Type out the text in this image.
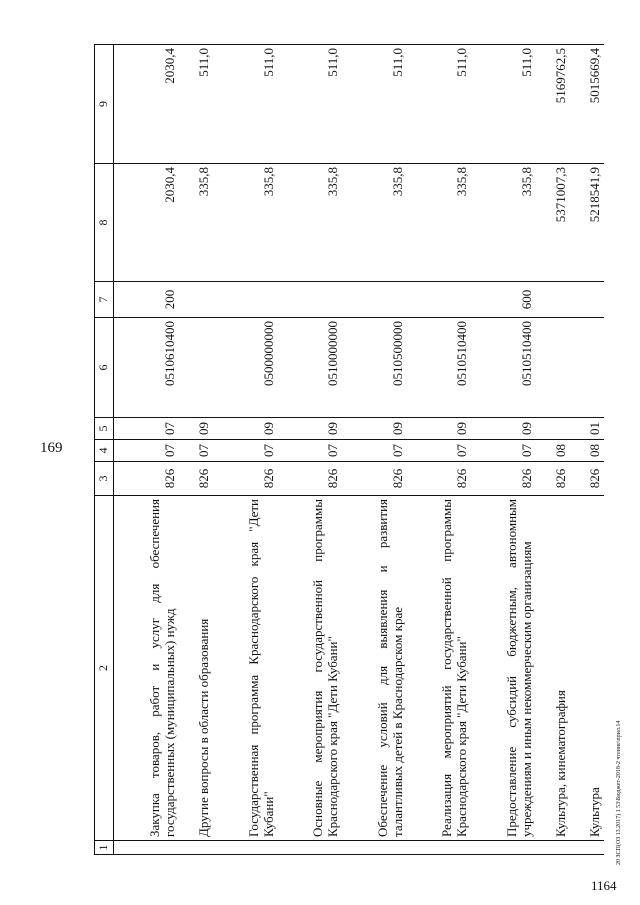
169
1164
20 ЗСП(ОЗ 13.2017) 1 53\Бюджет-2018-2 чтение\прил.14
1	2	3	4	5	6	7	8	9
	Закупка товаров, работ и услуг для обеспечения государственных (муниципальных) нужд	826	07	07	0510610400	200	2030,4	2030,4
	Другие вопросы в области образования	826	07	09			335,8	511,0
	Государственная программа Краснодарского края "Дети Кубани"	826	07	09	0500000000		335,8	511,0
	Основные мероприятия государственной программы Краснодарского края "Дети Кубани"	826	07	09	0510000000		335,8	511,0
	Обеспечение условий для выявления и развития талантливых детей в Краснодарском крае	826	07	09	0510500000		335,8	511,0
	Реализация мероприятий государственной программы Краснодарского края "Дети Кубани"	826	07	09	0510510400		335,8	511,0
	Предоставление субсидий бюджетным, автономным учреждениям и иным некоммерческим организациям	826	07	09	0510510400	600	335,8	511,0
	Культура, кинематография	826	08				5371007,3	5169762,5
	Культура	826	08	01			5218541,9	5015669,4
